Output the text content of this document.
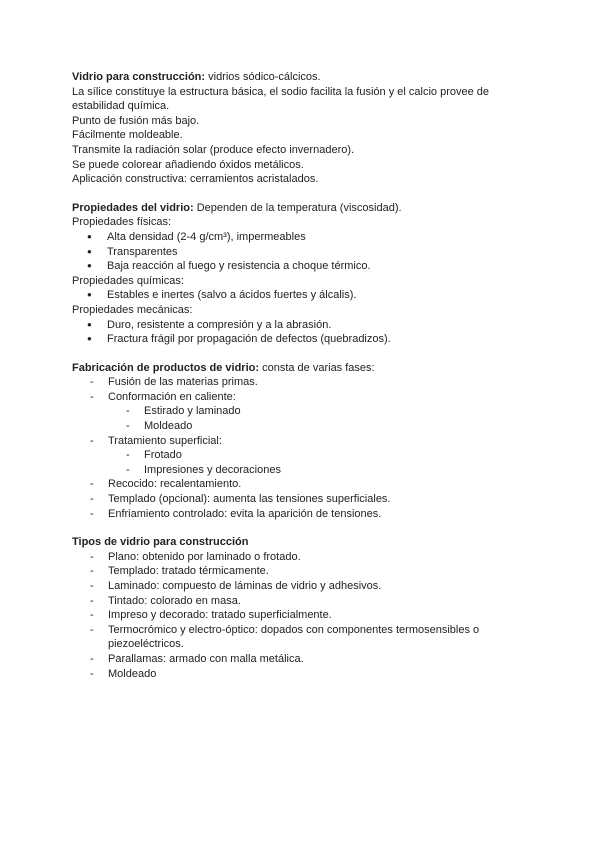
Vidrio para construcción: vidrios sódico-cálcicos.

La sílice constituye la estructura básica, el sodio facilita la fusión y el calcio provee de estabilidad química.

Punto de fusión más bajo.

Fácilmente moldeable.

Transmite la radiación solar (produce efecto invernadero).

Se puede colorear añadiendo óxidos metálicos.

Aplicación constructiva: cerramientos acristalados.

Propiedades del vidrio: Dependen de la temperatura (viscosidad).

Propiedades físicas:

● Alta densidad (2-4 g/cm³), impermeables
● Transparentes
● Baja reacción al fuego y resistencia a choque térmico.

Propiedades químicas:

● Estables e inertes (salvo a ácidos fuertes y álcalis).

Propiedades mecánicas:

● Duro, resistente a compresión y a la abrasión.
● Fractura frágil por propagación de defectos (quebradizos).

Fabricación de productos de vidrio: consta de varias fases:

- Fusión de las materias primas.
- Conformación en caliente:
- Estirado y laminado
- Moldeado
- Tratamiento superficial:
- Frotado
- Impresiones y decoraciones
- Recocido: recalentamiento.
- Templado (opcional): aumenta las tensiones superficiales.
- Enfriamiento controlado: evita la aparición de tensiones.

Tipos de vidrio para construcción

- Plano: obtenido por laminado o frotado.
- Templado: tratado térmicamente.
- Laminado: compuesto de láminas de vidrio y adhesivos.
- Tintado: colorado en masa.
- Impreso y decorado: tratado superficialmente.
- Termocrómico y electro-óptico: dopados con componentes termosensibles o piezoeléctricos.
- Parallamas: armado con malla metálica.
- Moldeado
